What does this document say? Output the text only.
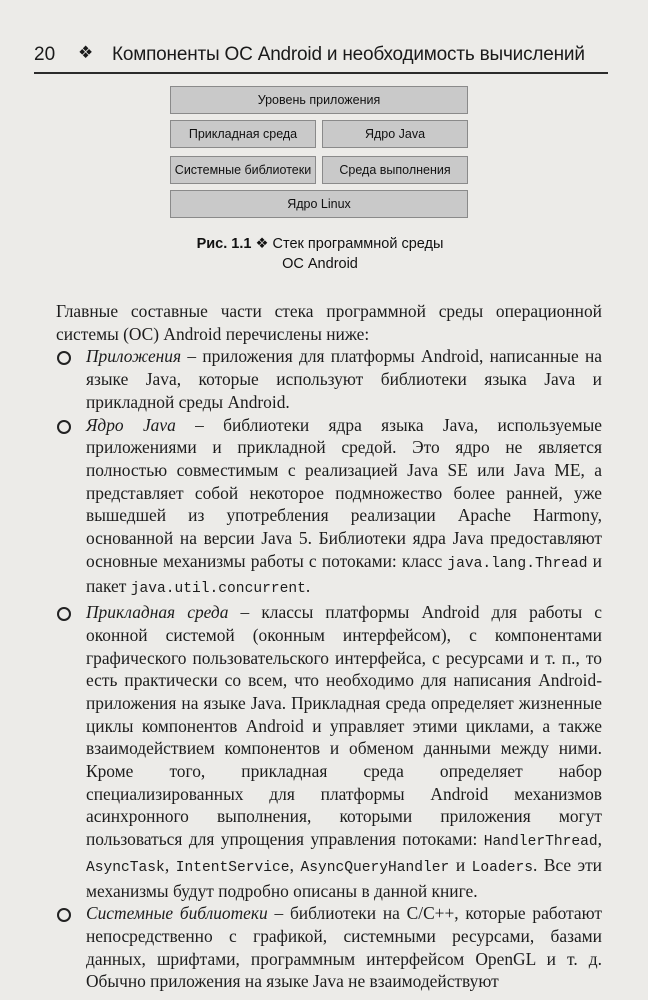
20 ❖ Компоненты ОС Android и необходимость вычислений
Уровень приложения
Прикладная среда	Ядро Java
Системные библиотеки	Среда выполнения
Ядро Linux
Рис. 1.1 ❖ Стек программной среды
ОС Android

Главные составные части стека программной среды операционной системы (ОС) Android перечислены ниже:

Приложения – приложения для платформы Android, написанные на языке Java, которые используют библиотеки языка Java и прикладной среды Android.
Ядро Java – библиотеки ядра языка Java, используемые приложениями и прикладной средой. Это ядро не является полностью совместимым с реализацией Java SE или Java ME, а представляет собой некоторое подмножество более ранней, уже вышедшей из употребления реализации Apache Harmony, основанной на версии Java 5. Библиотеки ядра Java предоставляют основные механизмы работы с потоками: класс java.lang.Thread и пакет java.util.concurrent.
Прикладная среда – классы платформы Android для работы с оконной системой (оконным интерфейсом), с компонентами графического пользовательского интерфейса, с ресурсами и т. п., то есть практически со всем, что необходимо для написания Android-приложения на языке Java. Прикладная среда определяет жизненные циклы компонентов Android и управляет этими циклами, а также взаимодействием компонентов и обменом данными между ними. Кроме того, прикладная среда определяет набор специализированных для платформы Android механизмов асинхронного выполнения, которыми приложения могут пользоваться для упрощения управления потоками: HandlerThread, AsyncTask, IntentService, AsyncQueryHandler и Loaders. Все эти механизмы будут подробно описаны в данной книге.
Системные библиотеки – библиотеки на C/C++, которые работают непосредственно с графикой, системными ресурсами, базами данных, шрифтами, программным интерфейсом OpenGL и т. д. Обычно приложения на языке Java не взаимодействуют
